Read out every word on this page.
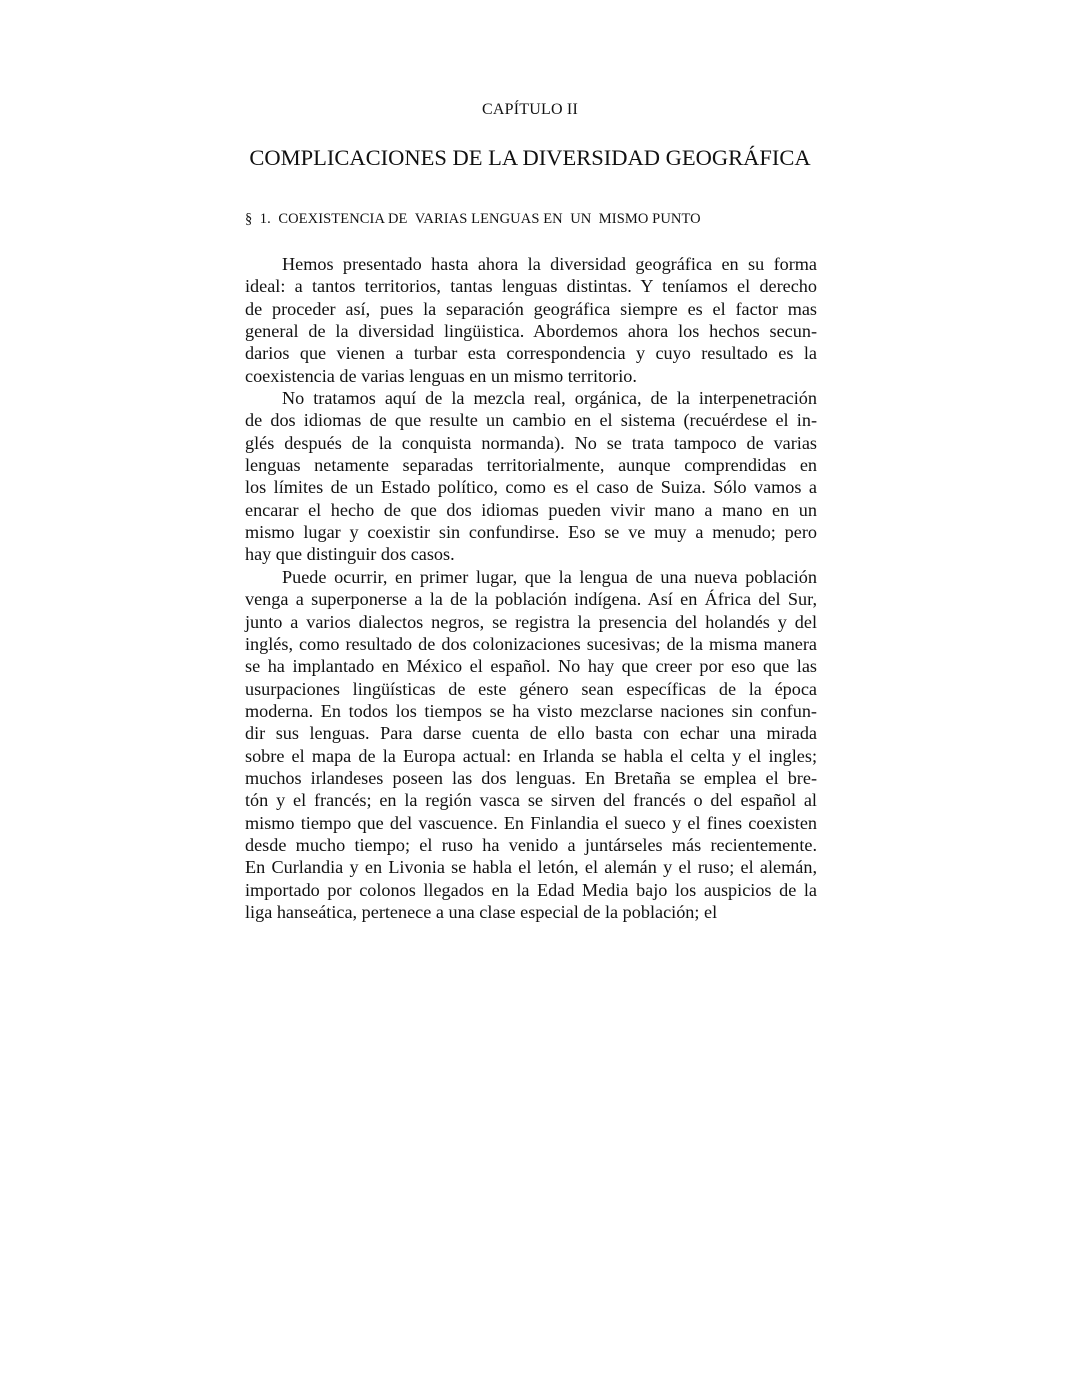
CAPÍTULO II
COMPLICACIONES DE LA DIVERSIDAD GEOGRÁFICA
§  1.  COEXISTENCIA DE  VARIAS LENGUAS EN  UN  MISMO PUNTO
Hemos presentado hasta ahora la diversidad geográfica en su forma
ideal: a tantos territorios, tantas lenguas distintas. Y teníamos el derecho
de proceder así, pues la separación geográfica siempre es el factor mas
general de la diversidad lingüistica. Abordemos ahora los hechos secun-
darios que vienen a turbar esta correspondencia y cuyo resultado es la
coexistencia de varias lenguas en un mismo territorio.
No tratamos aquí de la mezcla real, orgánica, de la interpenetración
de dos idiomas de que resulte un cambio en el sistema (recuérdese el in-
glés después de la conquista normanda). No se trata tampoco de varias
lenguas netamente separadas territorialmente, aunque comprendidas en
los límites de un Estado político, como es el caso de Suiza. Sólo vamos a
encarar el hecho de que dos idiomas pueden vivir mano a mano en un
mismo lugar y coexistir sin confundirse. Eso se ve muy a menudo; pero
hay que distinguir dos casos.
Puede ocurrir, en primer lugar, que la lengua de una nueva población
venga a superponerse a la de la población indígena. Así en África del Sur,
junto a varios dialectos negros, se registra la presencia del holandés y del
inglés, como resultado de dos colonizaciones sucesivas; de la misma manera
se ha implantado en México el español. No hay que creer por eso que las
usurpaciones lingüísticas de este género sean específicas de la época
moderna. En todos los tiempos se ha visto mezclarse naciones sin confun-
dir sus lenguas. Para darse cuenta de ello basta con echar una mirada
sobre el mapa de la Europa actual: en Irlanda se habla el celta y el ingles;
muchos irlandeses poseen las dos lenguas. En Bretaña se emplea el bre-
tón y el francés; en la región vasca se sirven del francés o del español al
mismo tiempo que del vascuence. En Finlandia el sueco y el fines coexisten
desde mucho tiempo; el ruso ha venido a juntárseles más recientemente.
En Curlandia y en Livonia se habla el letón, el alemán y el ruso; el alemán,
importado por colonos llegados en la Edad Media bajo los auspicios de la
liga hanseática, pertenece a una clase especial de la población; el
